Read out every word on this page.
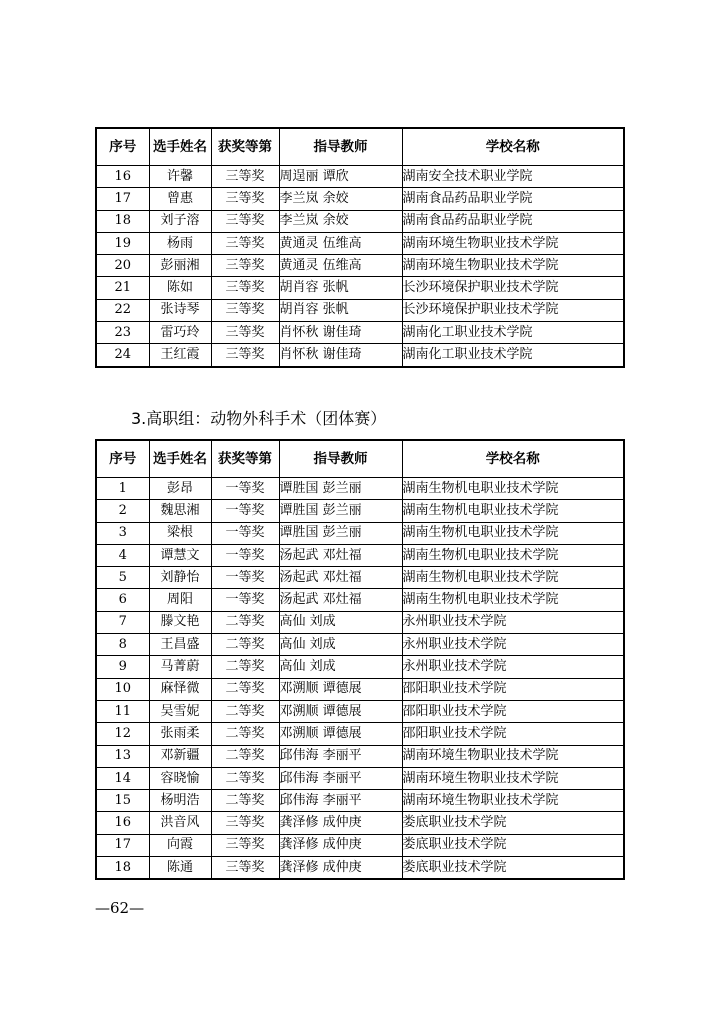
序号	选手姓名	获奖等第	指导教师	学校名称
16	许馨	三等奖	周逞丽 谭欣	湖南安全技术职业学院
17	曾惠	三等奖	李兰岚 余姣	湖南食品药品职业学院
18	刘子溶	三等奖	李兰岚 余姣	湖南食品药品职业学院
19	杨雨	三等奖	黄通灵 伍维高	湖南环境生物职业技术学院
20	彭丽湘	三等奖	黄通灵 伍维高	湖南环境生物职业技术学院
21	陈如	三等奖	胡肖容 张帆	长沙环境保护职业技术学院
22	张诗琴	三等奖	胡肖容 张帆	长沙环境保护职业技术学院
23	雷巧玲	三等奖	肖怀秋 谢佳琦	湖南化工职业技术学院
24	王红霞	三等奖	肖怀秋 谢佳琦	湖南化工职业技术学院
3.高职组：动物外科手术（团体赛）
序号	选手姓名	获奖等第	指导教师	学校名称
1	彭昂	一等奖	谭胜国 彭兰丽	湖南生物机电职业技术学院
2	魏思湘	一等奖	谭胜国 彭兰丽	湖南生物机电职业技术学院
3	梁根	一等奖	谭胜国 彭兰丽	湖南生物机电职业技术学院
4	谭慧文	一等奖	汤起武 邓灶福	湖南生物机电职业技术学院
5	刘静怡	一等奖	汤起武 邓灶福	湖南生物机电职业技术学院
6	周阳	一等奖	汤起武 邓灶福	湖南生物机电职业技术学院
7	滕文艳	二等奖	高仙 刘成	永州职业技术学院
8	王昌盛	二等奖	高仙 刘成	永州职业技术学院
9	马菁蔚	二等奖	高仙 刘成	永州职业技术学院
10	麻怿微	二等奖	邓溯顺 谭德展	邵阳职业技术学院
11	吴雪妮	二等奖	邓溯顺 谭德展	邵阳职业技术学院
12	张雨柔	二等奖	邓溯顺 谭德展	邵阳职业技术学院
13	邓新疆	二等奖	邱伟海 李丽平	湖南环境生物职业技术学院
14	容晓愉	二等奖	邱伟海 李丽平	湖南环境生物职业技术学院
15	杨明浩	二等奖	邱伟海 李丽平	湖南环境生物职业技术学院
16	洪音风	三等奖	龚泽修 成仲庚	娄底职业技术学院
17	向霞	三等奖	龚泽修 成仲庚	娄底职业技术学院
18	陈通	三等奖	龚泽修 成仲庚	娄底职业技术学院
—62—
